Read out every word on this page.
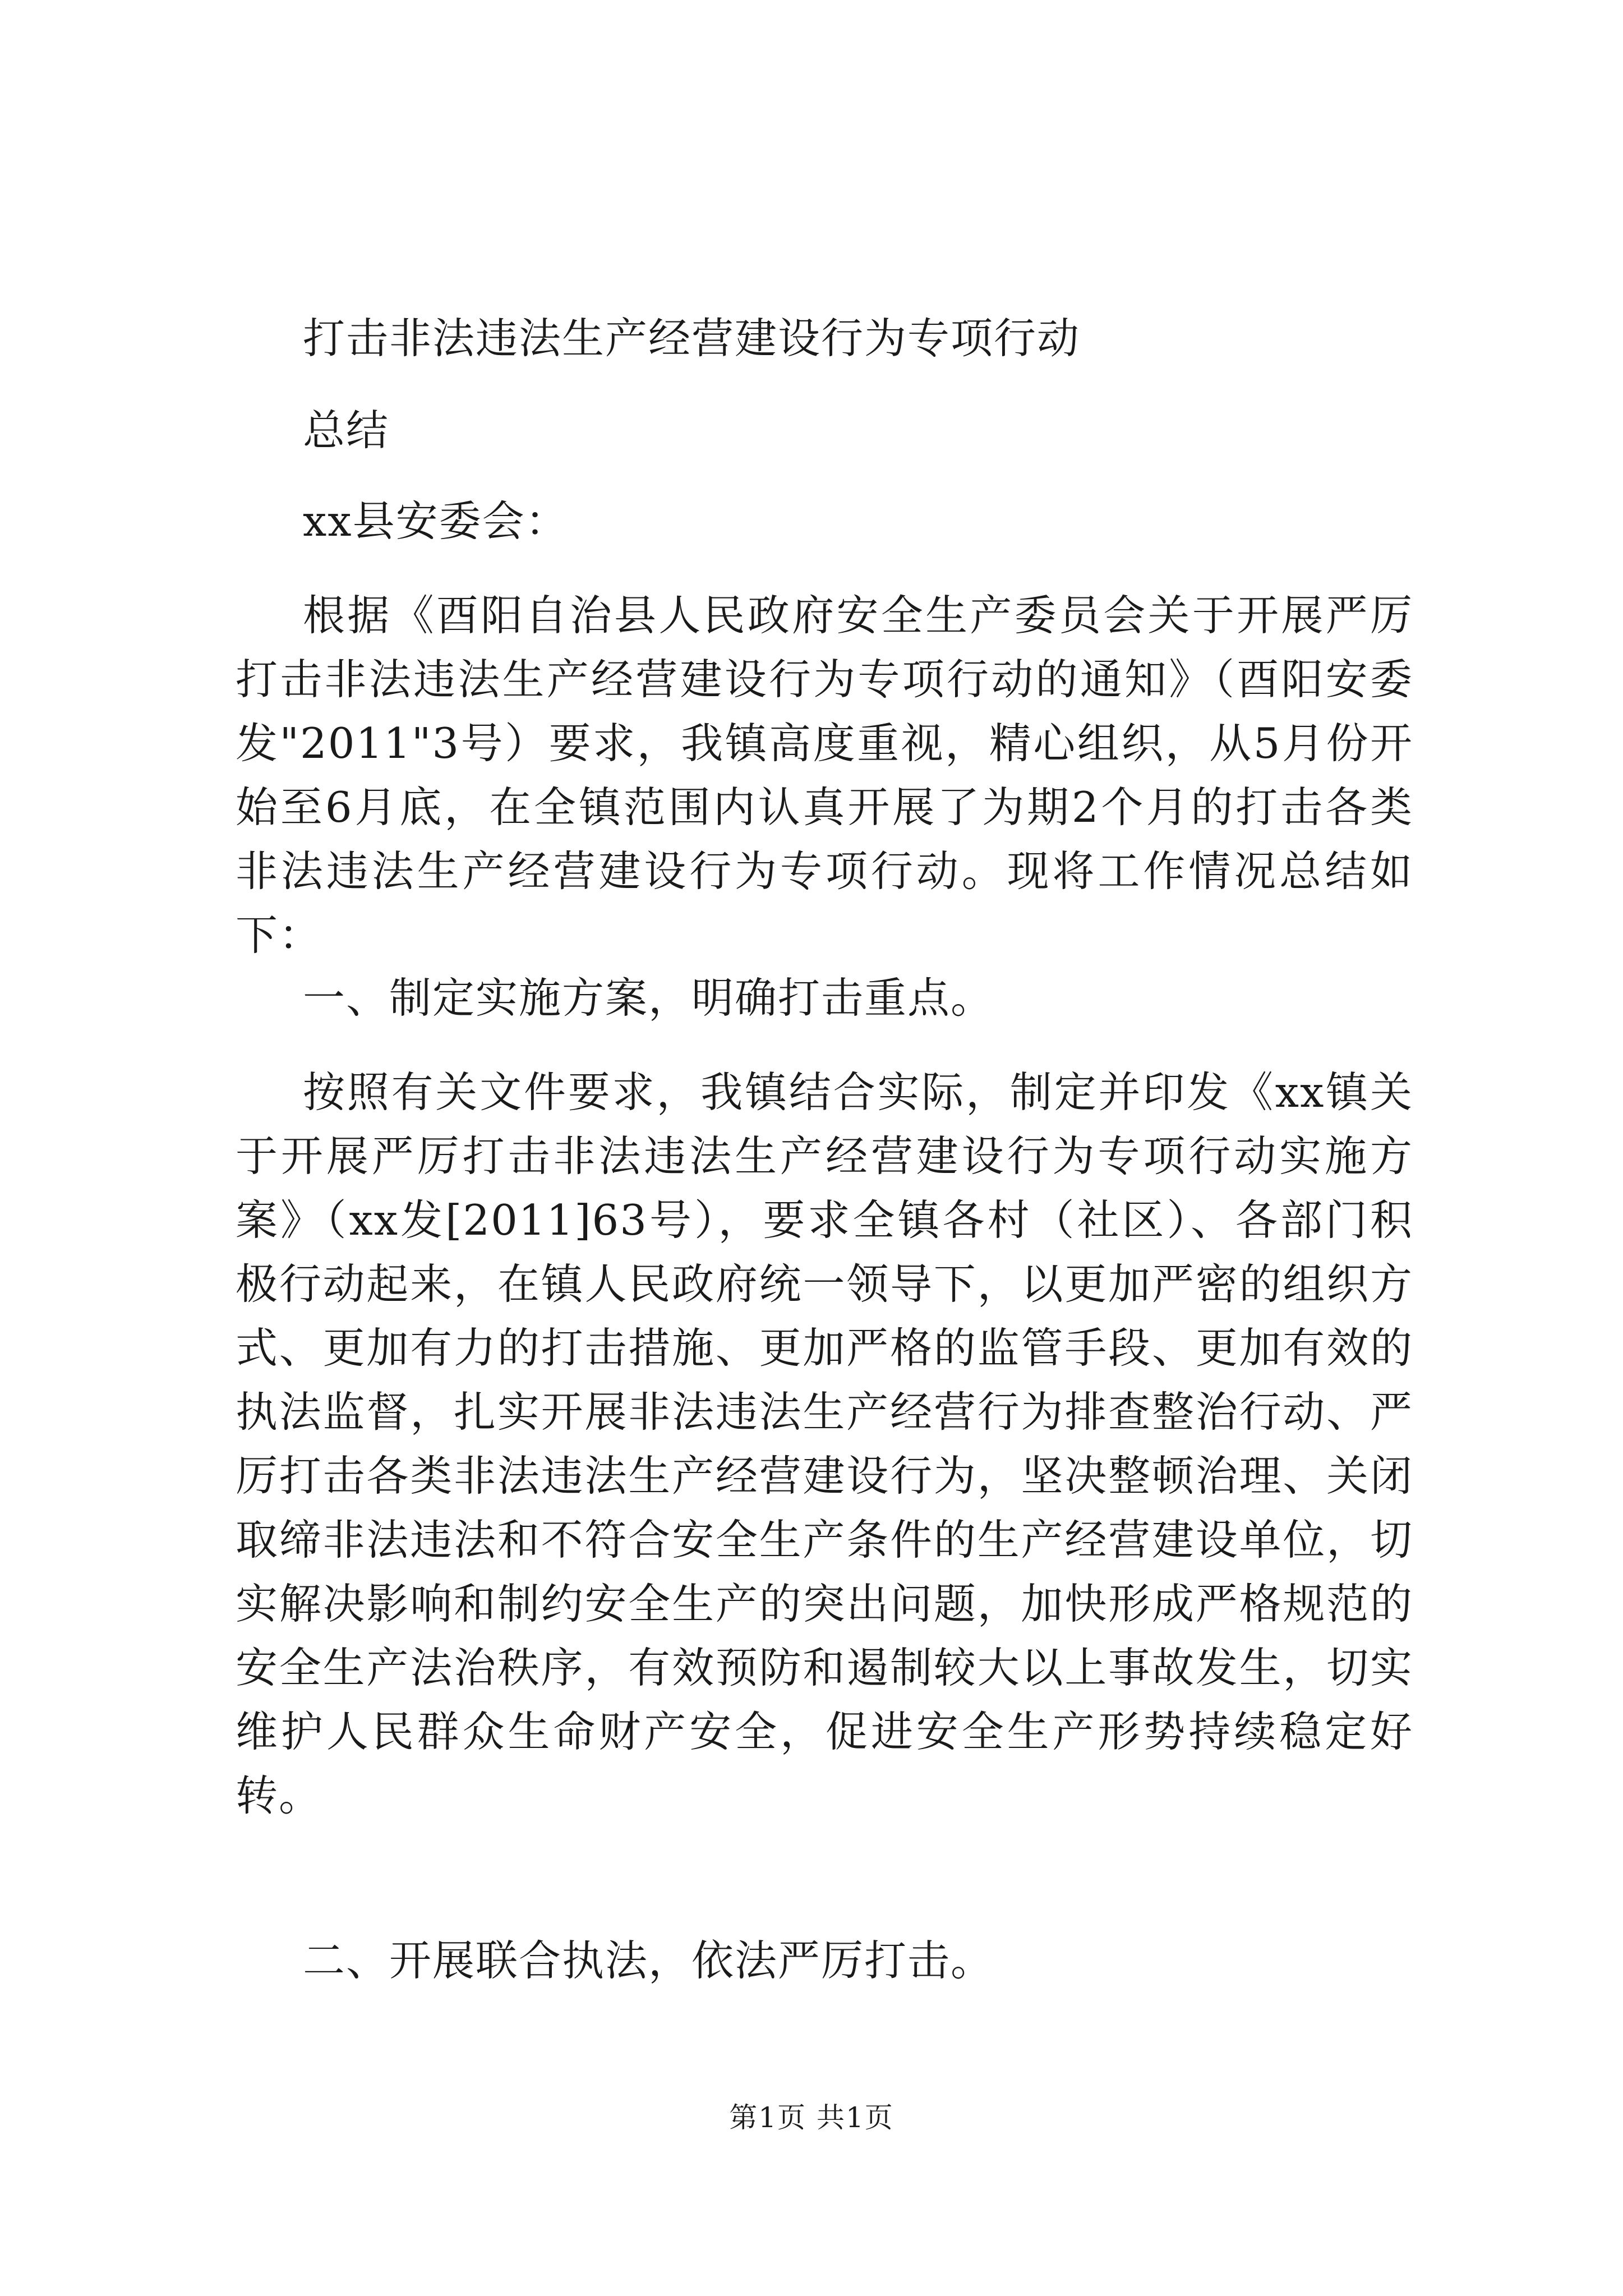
打击非法违法生产经营建设行为专项行动

总结

xx县安委会：

根据《酉阳自治县人民政府安全生产委员会关于开展严厉打击非法违法生产经营建设行为专项行动的通知》（酉阳安委发"2011"3号）要求，我镇高度重视，精心组织，从5月份开始至6月底，在全镇范围内认真开展了为期2个月的打击各类非法违法生产经营建设行为专项行动。现将工作情况总结如下：

一、制定实施方案，明确打击重点。

按照有关文件要求，我镇结合实际，制定并印发《xx镇关于开展严厉打击非法违法生产经营建设行为专项行动实施方案》（xx发[2011]63号），要求全镇各村（社区）、各部门积极行动起来，在镇人民政府统一领导下，以更加严密的组织方式、更加有力的打击措施、更加严格的监管手段、更加有效的执法监督，扎实开展非法违法生产经营行为排查整治行动、严厉打击各类非法违法生产经营建设行为，坚决整顿治理、关闭取缔非法违法和不符合安全生产条件的生产经营建设单位，切实解决影响和制约安全生产的突出问题，加快形成严格规范的安全生产法治秩序，有效预防和遏制较大以上事故发生，切实维护人民群众生命财产安全，促进安全生产形势持续稳定好转。

二、开展联合执法，依法严厉打击。

第1页 共1页
